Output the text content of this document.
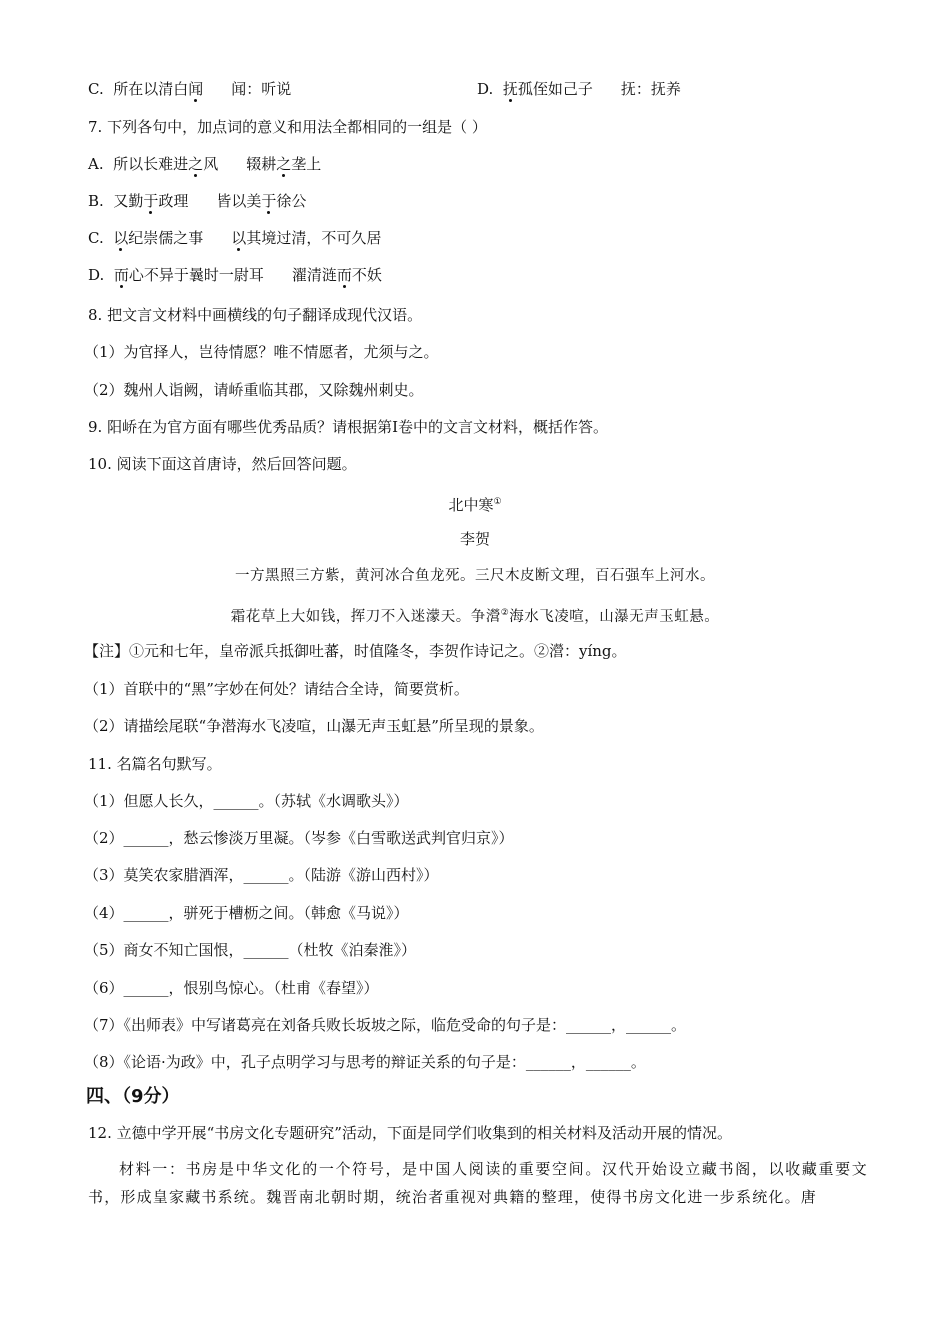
C. 所在以清白闻 闻：听说	D. 抚孤侄如己子 抚：抚养
7. 下列各句中，加点词的意义和用法全都相同的一组是（ ）
A. 所以长难进之风 辍耕之垄上
B. 又勤于政理 皆以美于徐公
C. 以纪崇儒之事 以其境过清，不可久居
D. 而心不异于曩时一尉耳 濯清涟而不妖
8. 把文言文材料中画横线的句子翻译成现代汉语。
（1）为官择人，岂待情愿？唯不情愿者，尤须与之。
（2）魏州人诣阙，请峤重临其郡，又除魏州刺史。
9. 阳峤在为官方面有哪些优秀品质？请根据第Ⅰ卷中的文言文材料，概括作答。
10. 阅读下面这首唐诗，然后回答问题。
北中寒①
李贺
一方黑照三方紫，黄河冰合鱼龙死。三尺木皮断文理，百石强车上河水。
霜花草上大如钱，挥刀不入迷濛天。争瀯②海水飞凌喧，山瀑无声玉虹悬。
【注】①元和七年，皇帝派兵抵御吐蕃，时值隆冬，李贺作诗记之。②瀯：yíng。
（1）首联中的“黑”字妙在何处？请结合全诗，简要赏析。
（2）请描绘尾联“争潜海水飞凌喧，山瀑无声玉虹悬”所呈现的景象。
11. 名篇名句默写。
（1）但愿人长久，______。（苏轼《水调歌头》）
（2）______，愁云惨淡万里凝。（岑参《白雪歌送武判官归京》）
（3）莫笑农家腊酒浑，______。（陆游《游山西村》）
（4）______，骈死于槽枥之间。（韩愈《马说》）
（5）商女不知亡国恨，______（杜牧《泊秦淮》）
（6）______，恨别鸟惊心。（杜甫《春望》）
（7）《出师表》中写诸葛亮在刘备兵败长坂坡之际，临危受命的句子是：______，______。
（8）《论语·为政》中，孔子点明学习与思考的辩证关系的句子是：______，______。
四、（9分）
12. 立德中学开展“书房文化专题研究”活动，下面是同学们收集到的相关材料及活动开展的情况。
材料一：书房是中华文化的一个符号，是中国人阅读的重要空间。汉代开始设立藏书阁，以收藏重要文书，形成皇家藏书系统。魏晋南北朝时期，统治者重视对典籍的整理，使得书房文化进一步系统化。唐
